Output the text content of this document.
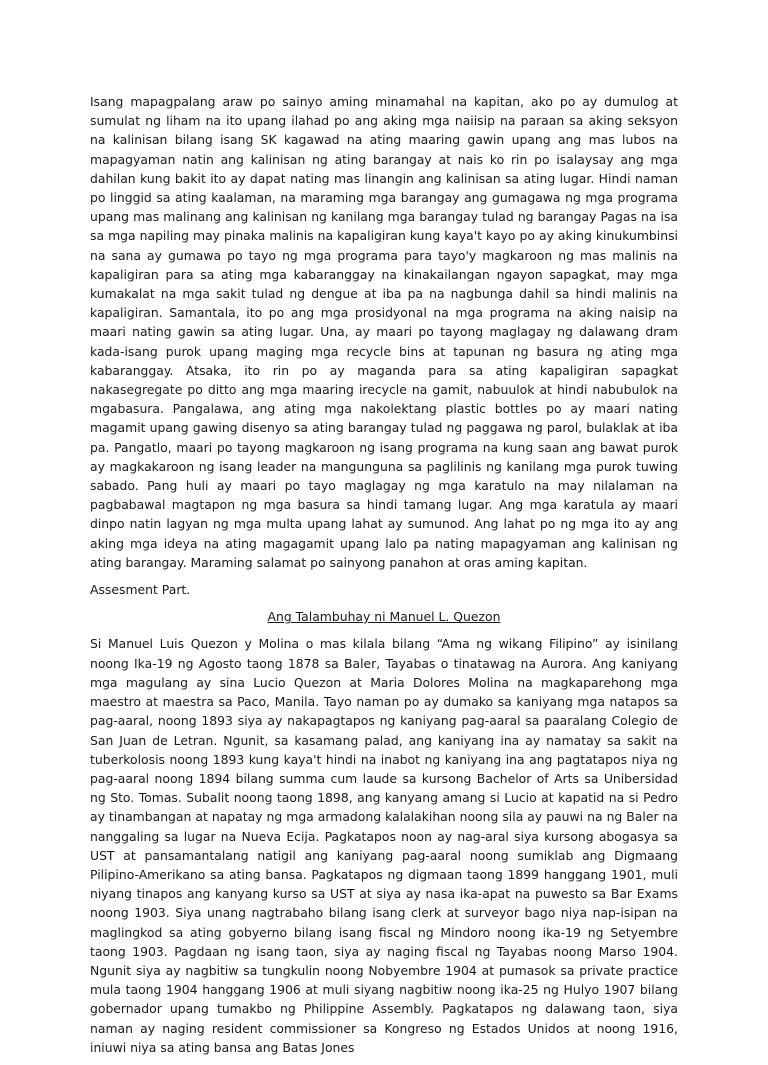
Isang mapagpalang araw po sainyo aming minamahal na kapitan, ako po ay dumulog at sumulat ng liham na ito upang ilahad po ang aking mga naiisip na paraan sa aking seksyon na kalinisan bilang isang SK kagawad na ating maaring gawin upang ang mas lubos na mapagyaman natin ang kalinisan ng ating barangay at nais ko rin po isalaysay ang mga dahilan kung bakit ito ay dapat nating mas linangin ang kalinisan sa ating lugar. Hindi naman po linggid sa ating kaalaman, na maraming mga barangay ang gumagawa ng mga programa upang mas malinang ang kalinisan ng kanilang mga barangay tulad ng barangay Pagas na isa sa mga napiling may pinaka malinis na kapaligiran kung kaya't kayo po ay aking kinukumbinsi na sana ay gumawa po tayo ng mga programa para tayo'y magkaroon ng mas malinis na kapaligiran para sa ating mga kabaranggay na kinakailangan ngayon sapagkat, may mga kumakalat na mga sakit tulad ng dengue at iba pa na nagbunga dahil sa hindi malinis na kapaligiran. Samantala, ito po ang mga prosidyonal na mga programa na aking naisip na maari nating gawin sa ating lugar. Una, ay maari po tayong maglagay ng dalawang dram kada-isang purok upang maging mga recycle bins at tapunan ng basura ng ating mga kabaranggay. Atsaka, ito rin po ay maganda para sa ating kapaligiran sapagkat nakasegregate po ditto ang mga maaring irecycle na gamit, nabuulok at hindi nabubulok na mgabasura. Pangalawa, ang ating mga nakolektang plastic bottles po ay maari nating magamit upang gawing disenyo sa ating barangay tulad ng paggawa ng parol, bulaklak at iba pa. Pangatlo, maari po tayong magkaroon ng isang programa na kung saan ang bawat purok ay magkakaroon ng isang leader na mangunguna sa paglilinis ng kanilang mga purok tuwing sabado. Pang huli ay maari po tayo maglagay ng mga karatulo na may nilalaman na pagbabawal magtapon ng mga basura sa hindi tamang lugar. Ang mga karatula ay maari dinpo natin lagyan ng mga multa upang lahat ay sumunod. Ang lahat po ng mga ito ay ang aking mga ideya na ating magagamit upang lalo pa nating mapagyaman ang kalinisan ng ating barangay. Maraming salamat po sainyong panahon at oras aming kapitan.

Assesment Part.

Ang Talambuhay ni Manuel L. Quezon

Si Manuel Luis Quezon y Molina o mas kilala bilang “Ama ng wikang Filipino” ay isinilang noong Ika-19 ng Agosto taong 1878 sa Baler, Tayabas o tinatawag na Aurora. Ang kaniyang mga magulang ay sina Lucio Quezon at Maria Dolores Molina na magkaparehong mga maestro at maestra sa Paco, Manila. Tayo naman po ay dumako sa kaniyang mga natapos sa pag-aaral, noong 1893 siya ay nakapagtapos ng kaniyang pag-aaral sa paaralang Colegio de San Juan de Letran. Ngunit, sa kasamang palad, ang kaniyang ina ay namatay sa sakit na tuberkolosis noong 1893 kung kaya't hindi na inabot ng kaniyang ina ang pagtatapos niya ng pag-aaral noong 1894 bilang summa cum laude sa kursong Bachelor of Arts sa Unibersidad ng Sto. Tomas. Subalit noong taong 1898, ang kanyang amang si Lucio at kapatid na si Pedro ay tinambangan at napatay ng mga armadong kalalakihan noong sila ay pauwi na ng Baler na nanggaling sa lugar na Nueva Ecija. Pagkatapos noon ay nag-aral siya kursong abogasya sa UST at pansamantalang natigil ang kaniyang pag-aaral noong sumiklab ang Digmaang Pilipino-Amerikano sa ating bansa. Pagkatapos ng digmaan taong 1899 hanggang 1901, muli niyang tinapos ang kanyang kurso sa UST at siya ay nasa ika-apat na puwesto sa Bar Exams noong 1903. Siya unang nagtrabaho bilang isang clerk at surveyor bago niya nap-isipan na maglingkod sa ating gobyerno bilang isang fiscal ng Mindoro noong ika-19 ng Setyembre taong 1903. Pagdaan ng isang taon, siya ay naging fiscal ng Tayabas noong Marso 1904. Ngunit siya ay nagbitiw sa tungkulin noong Nobyembre 1904 at pumasok sa private practice mula taong 1904 hanggang 1906 at muli siyang nagbitiw noong ika-25 ng Hulyo 1907 bilang gobernador upang tumakbo ng Philippine Assembly. Pagkatapos ng dalawang taon, siya naman ay naging resident commissioner sa Kongreso ng Estados Unidos at noong 1916, iniuwi niya sa ating bansa ang Batas Jones
